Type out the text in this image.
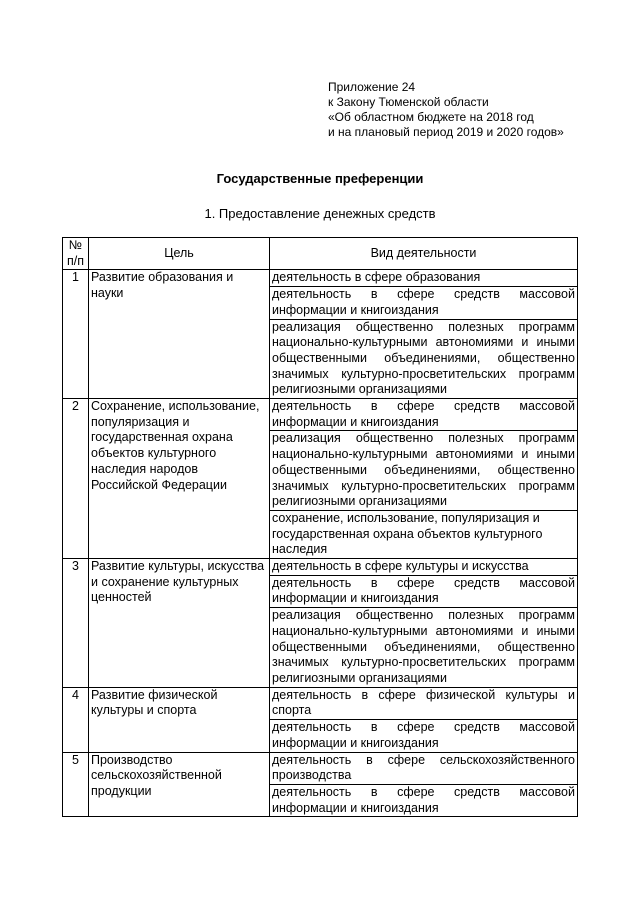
Приложение 24
к Закону Тюменской области
«Об областном бюджете на 2018 год
и на плановый период 2019 и 2020 годов»
Государственные преференции
1. Предоставление денежных средств
№ п/п	Цель	Вид деятельности
1	Развитие образования и науки	деятельность в сфере образования
		деятельность в сфере средств массовой информации и книгоиздания
		реализация общественно полезных программ национально-культурными автономиями и иными общественными объединениями, общественно значимых культурно-просветительских программ религиозными организациями
2	Сохранение, использование, популяризация и государственная охрана объектов культурного наследия народов Российской Федерации	деятельность в сфере средств массовой информации и книгоиздания
		реализация общественно полезных программ национально-культурными автономиями и иными общественными объединениями, общественно значимых культурно-просветительских программ религиозными организациями
		сохранение, использование, популяризация и государственная охрана объектов культурного наследия
3	Развитие культуры, искусства и сохранение культурных ценностей	деятельность в сфере культуры и искусства
		деятельность в сфере средств массовой информации и книгоиздания
		реализация общественно полезных программ национально-культурными автономиями и иными общественными объединениями, общественно значимых культурно-просветительских программ религиозными организациями
4	Развитие физической культуры и спорта	деятельность в сфере физической культуры и спорта
		деятельность в сфере средств массовой информации и книгоиздания
5	Производство сельскохозяйственной продукции	деятельность в сфере сельскохозяйственного производства
		деятельность в сфере средств массовой информации и книгоиздания
